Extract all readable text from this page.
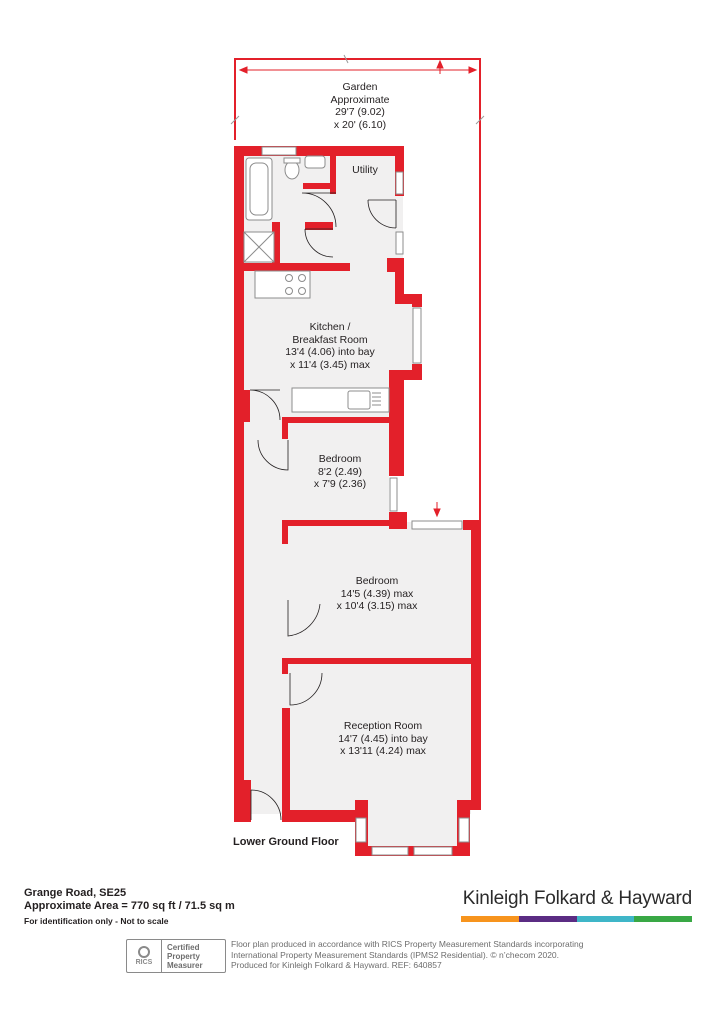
Garden
Approximate
29'7 (9.02)
x 20' (6.10)
Utility
Kitchen /
Breakfast Room
13'4 (4.06) into bay
x 11'4 (3.45) max
Bedroom
8'2 (2.49)
x 7'9 (2.36)
Bedroom
14'5 (4.39) max
x 10'4 (3.15) max
Reception Room
14'7 (4.45) into bay
x 13'11 (4.24) max
Lower Ground Floor
Grange Road, SE25
Approximate Area = 770 sq ft / 71.5 sq m
For identification only - Not to scale
Kinleigh Folkard & Hayward
RICS
Certified
Property
Measurer
Floor plan produced in accordance with RICS Property Measurement Standards incorporating
International Property Measurement Standards (IPMS2 Residential). © n’checom 2020.
Produced for Kinleigh Folkard & Hayward. REF: 640857
